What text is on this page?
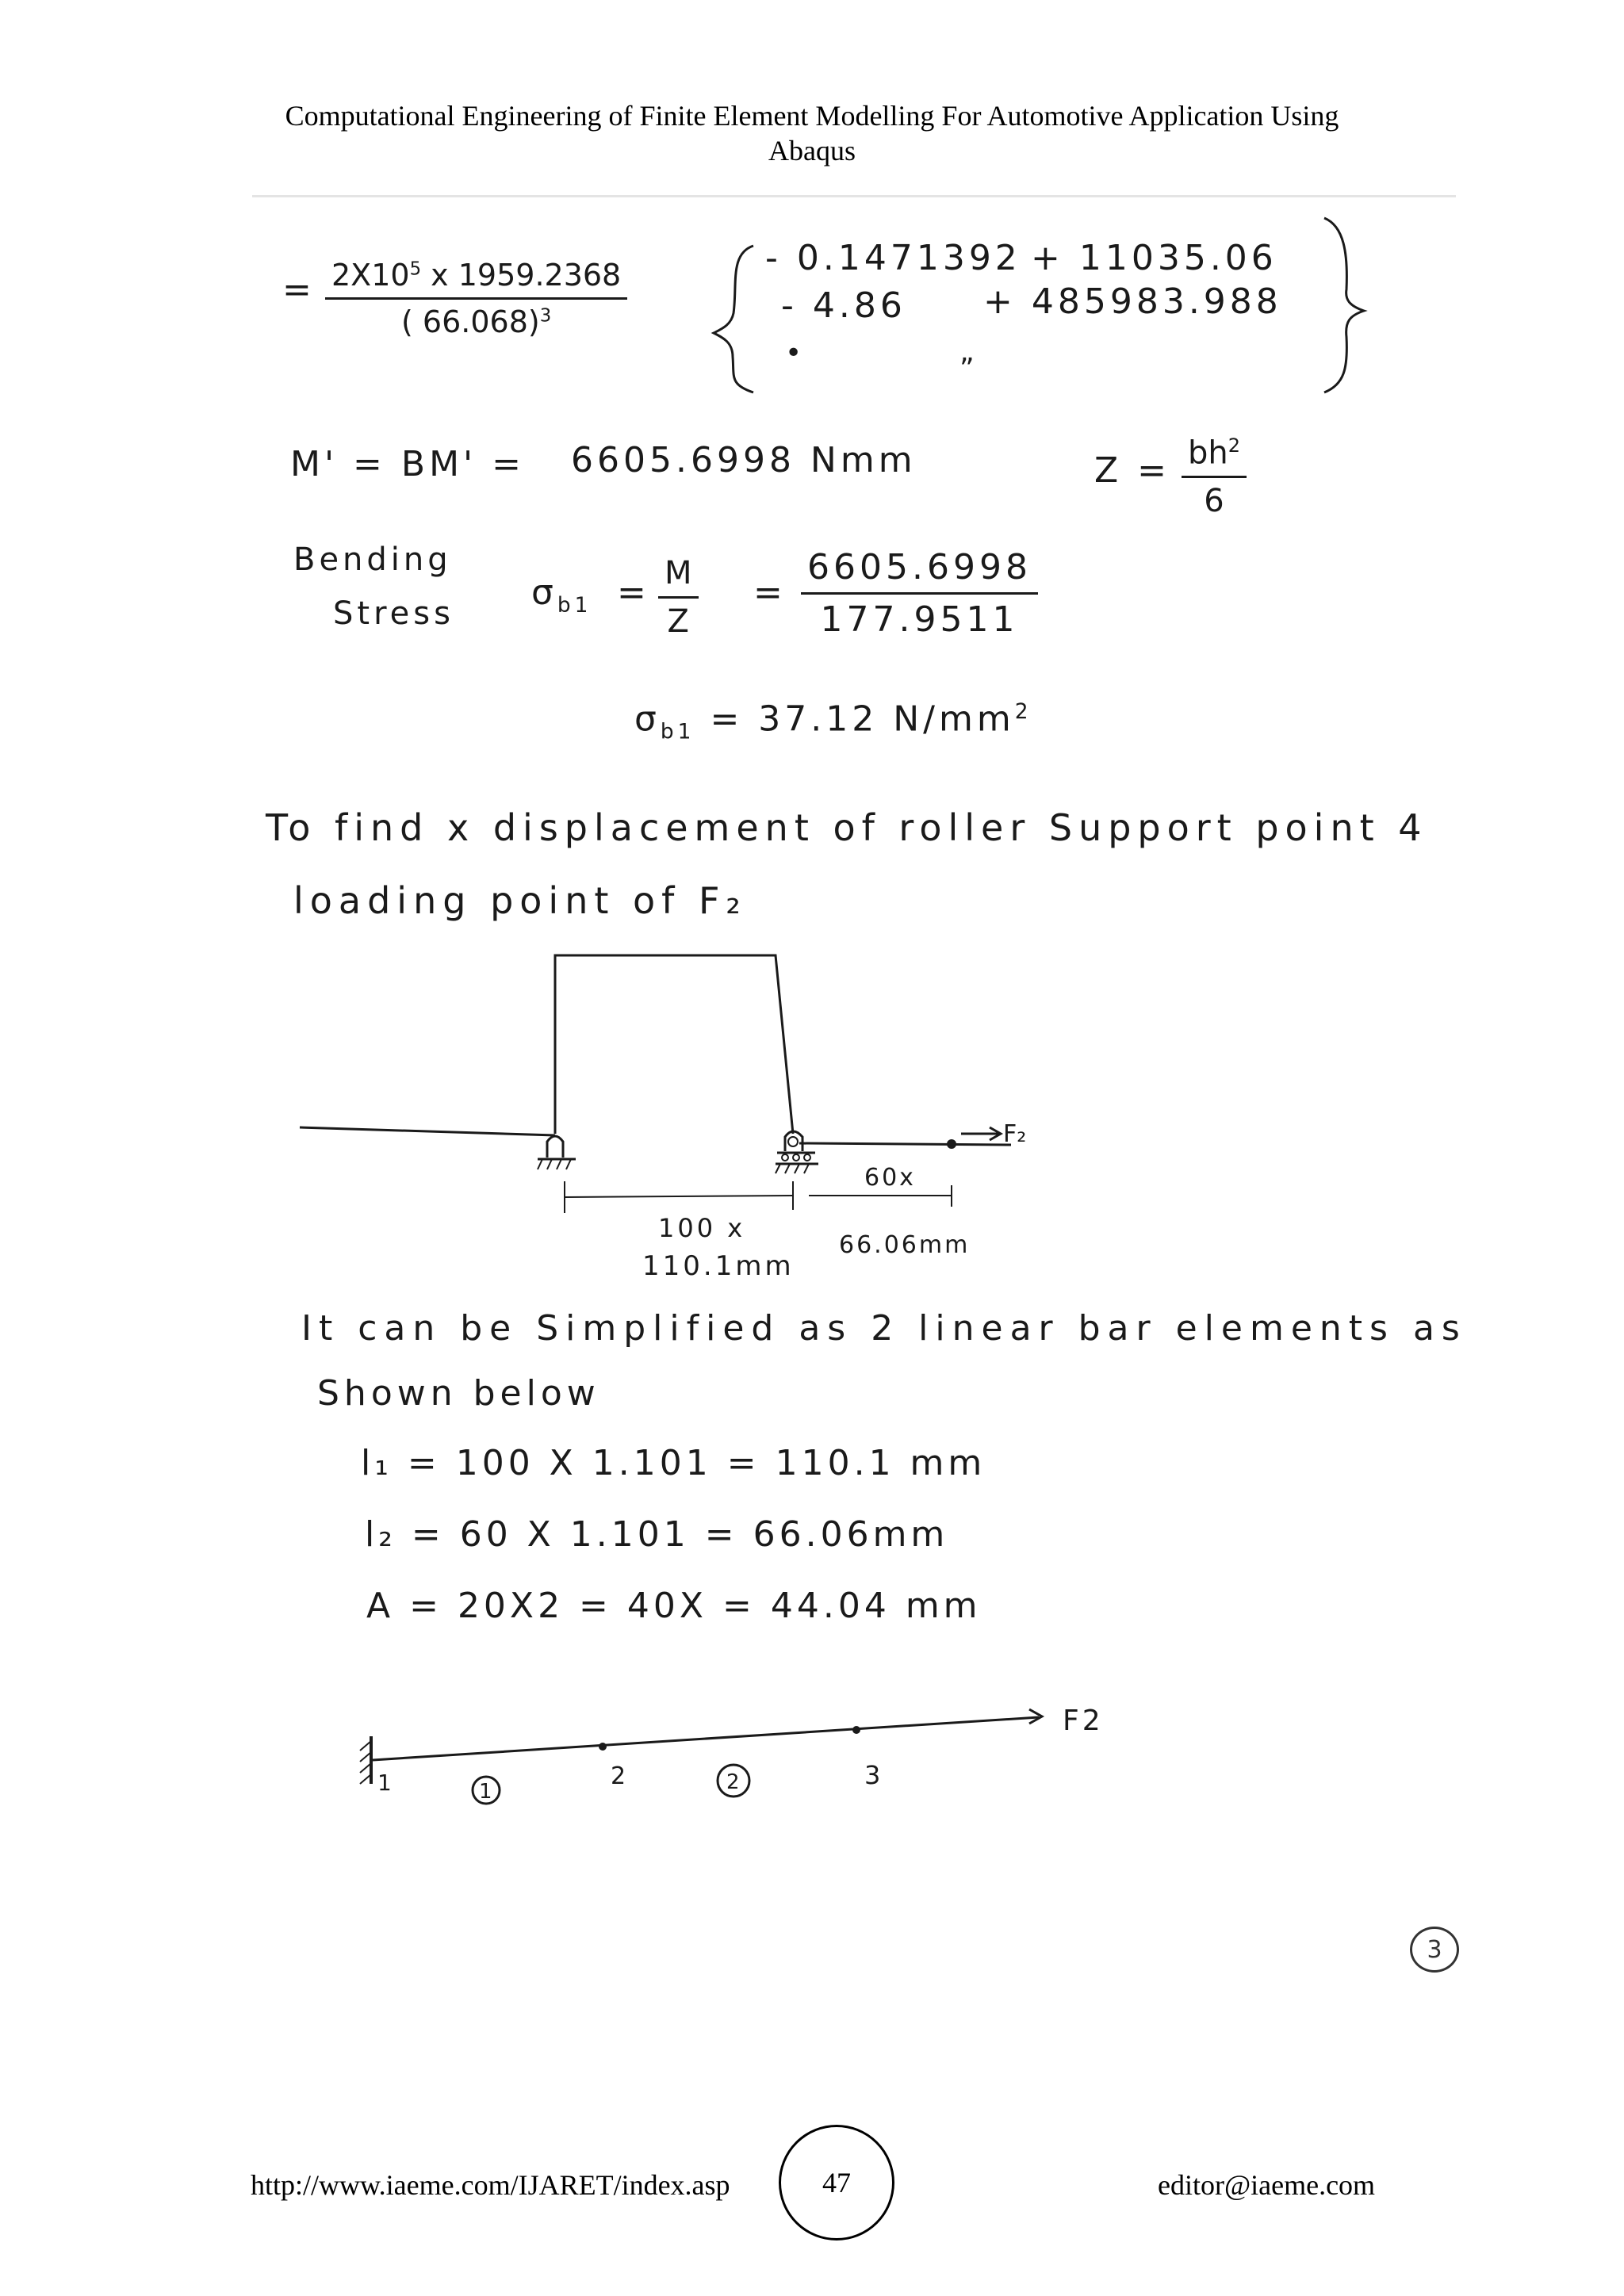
Computational Engineering of Finite Element Modelling For Automotive Application Using
Abaqus
= $\frac{2X10^5 x 1959.2368}{( 66.068)^3}$	- 0.1471392 + 11035.06
- 4.86 + 485983.988
•	”
M' = BM' = 6605.6998 Nmm	$Z = \frac{bh^2}{6}$
Bending
Stress
$\sigma_{b1} = \frac{M}{Z} = \frac{6605.6998}{177.9511}$
$\sigma_{b1} = 37.12$ $N/mm^2$
To find x displacement of roller Support point 4
loading point of F₂
F₂
100 x
110.1mm
60x
66.06mm
It can be Simplified as 2 linear bar elements as
Shown below
l₁ = 100 X 1.101 = 110.1 mm
l₂ = 60 X 1.101 = 66.06mm
A = 20X2 = 40X = 44.04 mm
F2
1	2	3
1	2
3
http://www.iaeme.com/IJARET/index.asp	47	editor@iaeme.com
